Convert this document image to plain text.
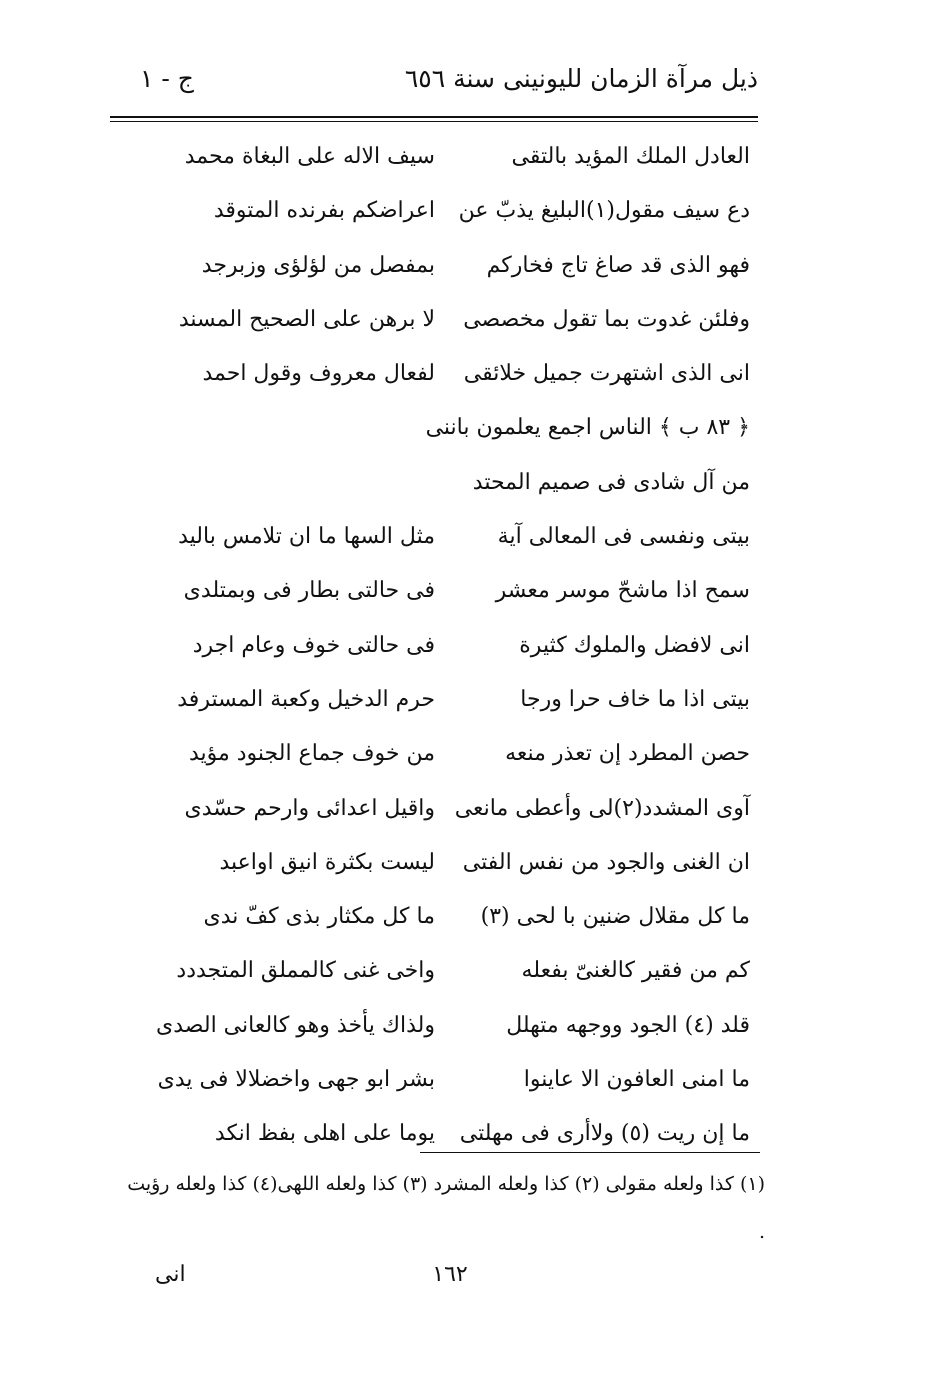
ذيل مرآة الزمان لليونينى سنة ٦٥٦
ج - ١
العادل الملك المؤيد بالتقى
سيف الاله على البغاة محمد
دع سيف مقول(١)البليغ يذبّ عن
اعراضكم بفرنده المتوقد
فهو الذى قد صاغ تاج فخاركم
بمفصل من لؤلؤى وزبرجد
وفلئن غدوت بما تقول مخصصى
لا برهن على الصحيح المسند
انى الذى اشتهرت جميل خلائقى
لفعال معروف وقول احمد
﴿ ٨٣ ب ﴾ الناس اجمع يعلمون باننى
من آل شادى فى صميم المحتد
بيتى ونفسى فى المعالى آية
مثل السها ما ان تلامس باليد
سمح اذا ماشحّ موسر معشر
فى حالتى بطار فى وبمتلدى
انى لافضل والملوك كثيرة
فى حالتى خوف وعام اجرد
بيتى اذا ما خاف حرا ورجا
حرم الدخيل وكعبة المسترفد
حصن المطرد إن تعذر منعه
من خوف جماع الجنود مؤيد
آوى المشدد(٢)لى وأعطى مانعى
واقيل اعدائى وارحم حسّدى
ان الغنى والجود من نفس الفتى
ليست بكثرة انيق اواعبد
ما كل مقلال ضنين با لحى (٣)
ما كل مكثار بذى كفّ ندى
كم من فقير كالغنىّ بفعله
واخى غنى كالمملق المتجددد
قلد (٤) الجود ووجهه متهلل
ولذاك يأخذ وهو كالعانى الصدى
ما امنى العافون الا عاينوا
بشر ابو جهى واخضلالا فى يدى
ما إن ريت (٥) ولاأرى فى مهلتى
يوما على اهلى بفظ انكد
(١) كذا ولعله مقولى (٢) كذا ولعله المشرد (٣) كذا ولعله اللهى(٤) كذا ولعله رؤيت .
انى	١٦٢
